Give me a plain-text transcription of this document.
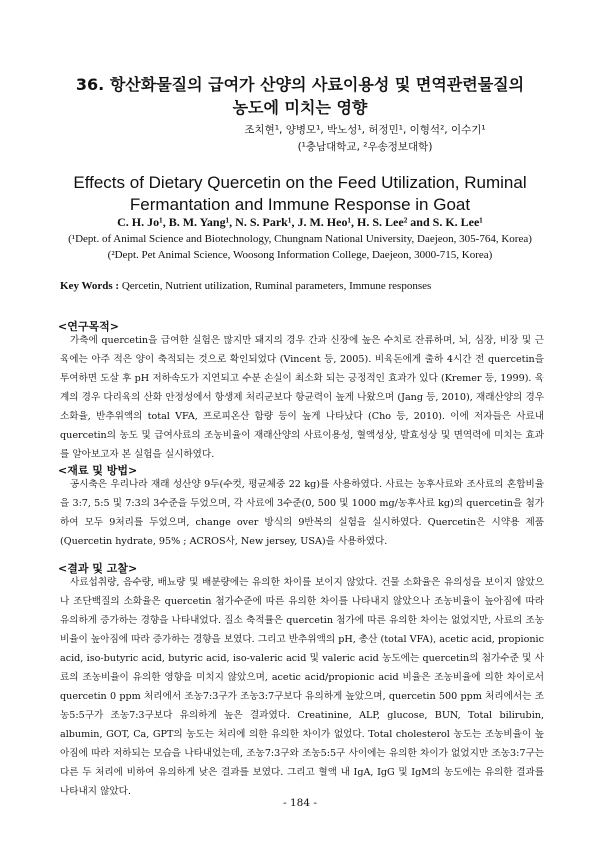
36. 항산화물질의 급여가 산양의 사료이용성 및 면역관련물질의
농도에 미치는 영향
조치현¹, 양병모¹, 박노성¹, 허정민¹, 이형석², 이수기¹
(¹충남대학교, ²우송정보대학)
Effects of Dietary Quercetin on the Feed Utilization, Ruminal
Fermantation and Immune Response in Goat
C. H. Jo¹, B. M. Yang¹, N. S. Park¹, J. M. Heo¹, H. S. Lee² and S. K. Lee¹
(¹Dept. of Animal Science and Biotechnology, Chungnam National University, Daejeon, 305-764, Korea)
(²Dept. Pet Animal Science, Woosong Information College, Daejeon, 3000-715, Korea)
Key Words : Qercetin, Nutrient utilization, Ruminal parameters, Immune responses
<연구목적>

가축에 quercetin을 급여한 실험은 많지만 돼지의 경우 간과 신장에 높은 수치로 잔류하며, 뇌, 심장, 비장 및 근육에는 아주 적은 양이 축적되는 것으로 확인되었다 (Vincent 등, 2005). 비육돈에게 출하 4시간 전 quercetin을 투여하면 도살 후 pH 저하속도가 지연되고 수분 손실이 최소화 되는 긍정적인 효과가 있다 (Kremer 등, 1999). 육계의 경우 다리육의 산화 안정성에서 항생제 처리군보다 항균력이 높게 나왔으며 (Jang 등, 2010), 재래산양의 경우 소화율, 반추위액의 total VFA, 프로피온산 함량 등이 높게 나타났다 (Cho 등, 2010). 이에 저자들은 사료내 quercetin의 농도 및 급여사료의 조농비율이 재래산양의 사료이용성, 혈액성상, 발효성상 및 면역력에 미치는 효과를 알아보고자 본 실험을 실시하였다.

<재료 및 방법>

공시축은 우리나라 재래 성산양 9두(수컷, 평균체중 22 kg)를 사용하였다. 사료는 농후사료와 조사료의 혼합비율을 3:7, 5:5 및 7:3의 3수준을 두었으며, 각 사료에 3수준(0, 500 및 1000 mg/농후사료 kg)의 quercetin을 첨가하여 모두 9처리를 두었으며, change over 방식의 9반복의 실험을 실시하였다. Quercetin은 시약용 제품 (Quercetin hydrate, 95% ; ACROS사, New jersey, USA)을 사용하였다.

<결과 및 고찰>

사료섭취량, 음수량, 배뇨량 및 배분량에는 유의한 차이를 보이지 않았다. 건물 소화율은 유의성을 보이지 않았으나 조단백질의 소화율은 quercetin 첨가수준에 따른 유의한 차이를 나타내지 않았으나 조농비율이 높아짐에 따라 유의하게 증가하는 경향을 나타내었다. 질소 축적률은 quercetin 첨가에 따른 유의한 차이는 없었지만, 사료의 조농비율이 높아짐에 따라 증가하는 경향을 보였다. 그리고 반추위액의 pH, 총산 (total VFA), acetic acid, propionic acid, iso-butyric acid, butyric acid, iso-valeric acid 및 valeric acid 농도에는 quercetin의 첨가수준 및 사료의 조농비율이 유의한 영향을 미치지 않았으며, acetic acid/propionic acid 비율은 조농비율에 의한 차이로서 quercetin 0 ppm 처리에서 조농7:3구가 조농3:7구보다 유의하게 높았으며, quercetin 500 ppm 처리에서는 조농5:5구가 조농7:3구보다 유의하게 높은 결과였다. Creatinine, ALP, glucose, BUN, Total bilirubin, albumin, GOT, Ca, GPT의 농도는 처리에 의한 유의한 차이가 없었다. Total cholesterol 농도는 조농비율이 높아짐에 따라 저하되는 모습을 나타내었는데, 조농7:3구와 조농5:5구 사이에는 유의한 차이가 없었지만 조농3:7구는 다른 두 처리에 비하여 유의하게 낮은 결과를 보였다. 그리고 혈액 내 IgA, IgG 및 IgM의 농도에는 유의한 결과를 나타내지 않았다.

- 184 -
